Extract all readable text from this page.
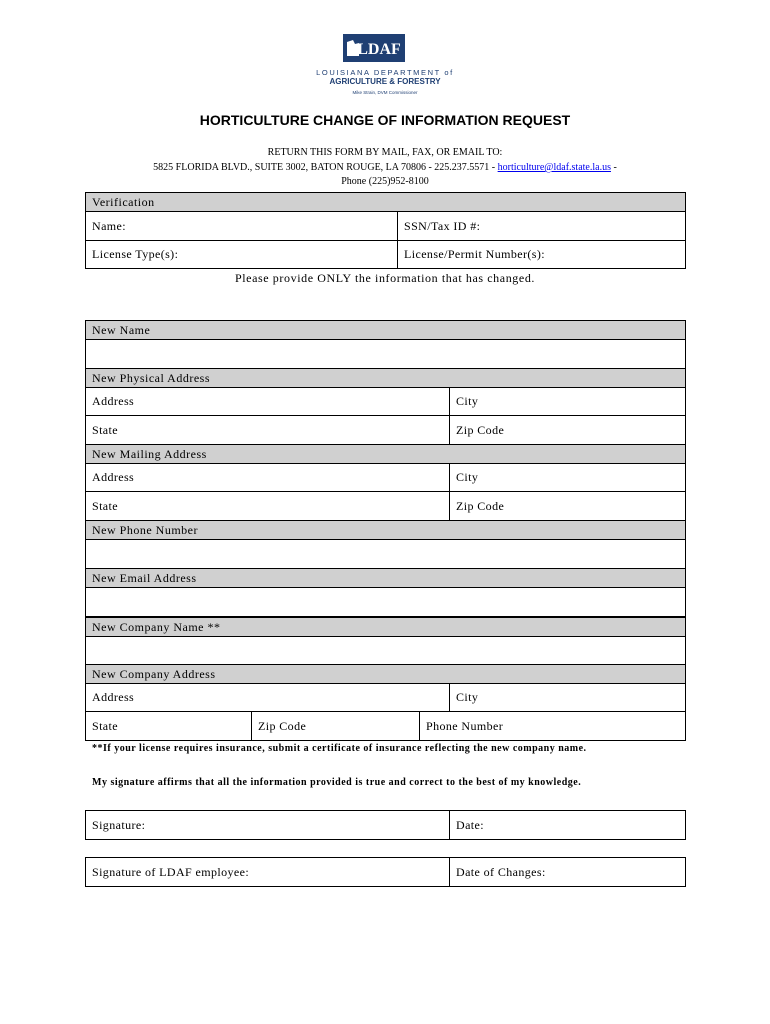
LDAF
LOUISIANA DEPARTMENT of
AGRICULTURE & FORESTRY
Mike Strain, DVM Commissioner
HORTICULTURE CHANGE OF INFORMATION REQUEST
RETURN THIS FORM BY MAIL, FAX, OR EMAIL TO:
5825 FLORIDA BLVD., SUITE 3002, BATON ROUGE, LA 70806 - 225.237.5571 - horticulture@ldaf.state.la.us -
Phone (225)952-8100
Verification
Name:	SSN/Tax ID #:
License Type(s):	License/Permit Number(s):
Please provide ONLY the information that has changed.
New Name
New Physical Address
Address	City
State	Zip Code
New Mailing Address
Address	City
State	Zip Code
New Phone Number
New Email Address
New Company Name **
New Company Address
Address	City
State	Zip Code	Phone Number
**If your license requires insurance, submit a certificate of insurance reflecting the new company name.
My signature affirms that all the information provided is true and correct to the best of my knowledge.
Signature:	Date:
Signature of LDAF employee:	Date of Changes:
